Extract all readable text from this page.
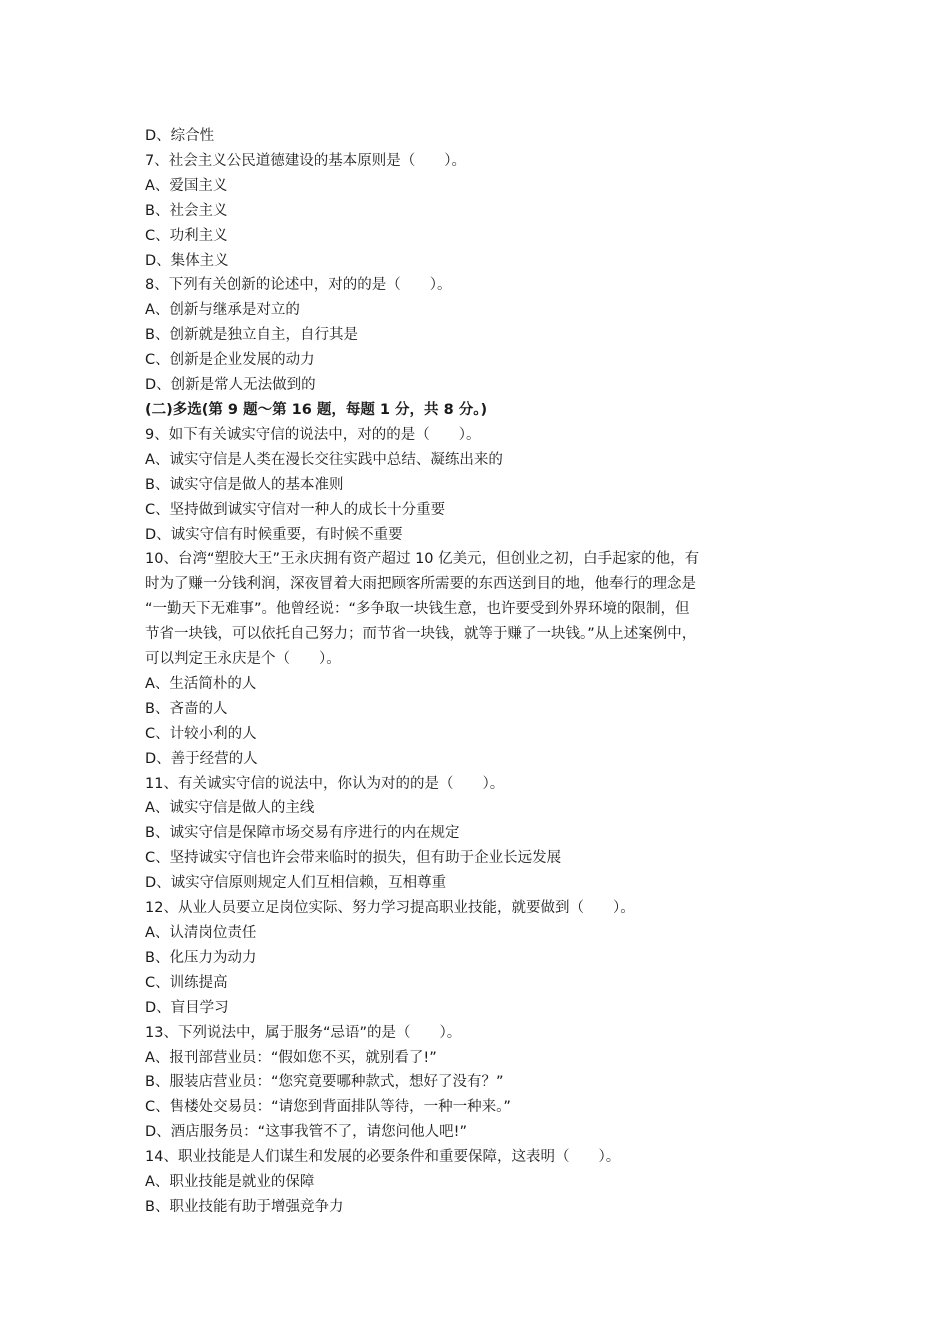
D、综合性
7、社会主义公民道德建设的基本原则是（　　）。
A、爱国主义
B、社会主义
C、功利主义
D、集体主义
8、下列有关创新的论述中，对的的是（　　）。
A、创新与继承是对立的
B、创新就是独立自主，自行其是
C、创新是企业发展的动力
D、创新是常人无法做到的
(二)多选(第 9 题～第 16 题，每题 1 分，共 8 分。)
9、如下有关诚实守信的说法中，对的的是（　　）。
A、诚实守信是人类在漫长交往实践中总结、凝练出来的
B、诚实守信是做人的基本准则
C、坚持做到诚实守信对一种人的成长十分重要
D、诚实守信有时候重要，有时候不重要
10、台湾“塑胶大王”王永庆拥有资产超过 10 亿美元，但创业之初，白手起家的他，有
时为了赚一分钱利润，深夜冒着大雨把顾客所需要的东西送到目的地，他奉行的理念是
“一勤天下无难事”。他曾经说：“多争取一块钱生意，也许要受到外界环境的限制，但
节省一块钱，可以依托自己努力；而节省一块钱，就等于赚了一块钱。”从上述案例中，
可以判定王永庆是个（　　）。
A、生活简朴的人
B、吝啬的人
C、计较小利的人
D、善于经营的人
11、有关诚实守信的说法中，你认为对的的是（　　）。
A、诚实守信是做人的主线
B、诚实守信是保障市场交易有序进行的内在规定
C、坚持诚实守信也许会带来临时的损失，但有助于企业长远发展
D、诚实守信原则规定人们互相信赖，互相尊重
12、从业人员要立足岗位实际、努力学习提高职业技能，就要做到（　　）。
A、认清岗位责任
B、化压力为动力
C、训练提高
D、盲目学习
13、下列说法中，属于服务“忌语”的是（　　）。
A、报刊部营业员：“假如您不买，就别看了!”
B、服装店营业员：“您究竟要哪种款式，想好了没有？”
C、售楼处交易员：“请您到背面排队等待，一种一种来。”
D、酒店服务员：“这事我管不了，请您问他人吧!”
14、职业技能是人们谋生和发展的必要条件和重要保障，这表明（　　）。
A、职业技能是就业的保障
B、职业技能有助于增强竞争力
